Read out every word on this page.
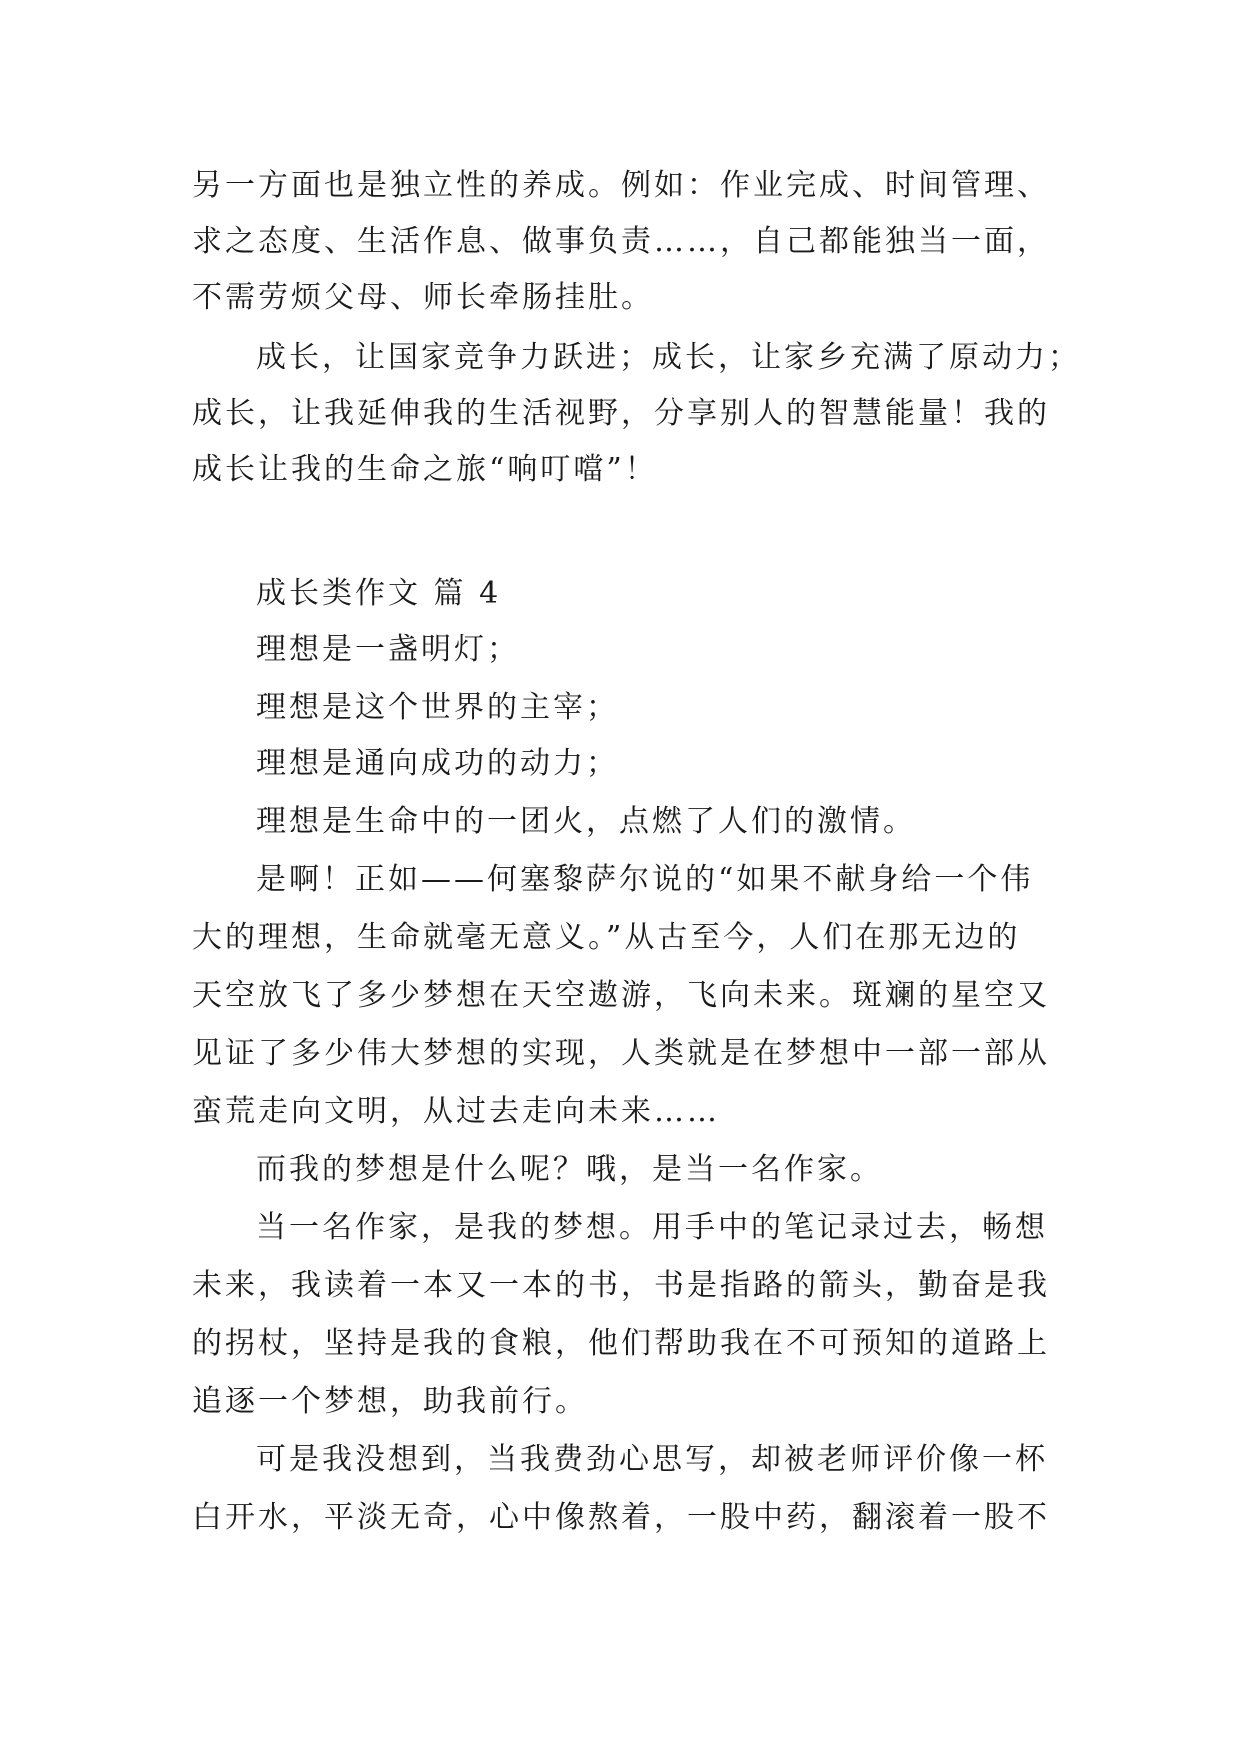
另一方面也是独立性的养成。例如：作业完成、时间管理、
求之态度、生活作息、做事负责……，自己都能独当一面，
不需劳烦父母、师长牵肠挂肚。
成长，让国家竞争力跃进；成长，让家乡充满了原动力；
成长，让我延伸我的生活视野，分享别人的智慧能量！我的
成长让我的生命之旅“响叮噹”！
成长类作文 篇 4
理想是一盏明灯；
理想是这个世界的主宰；
理想是通向成功的动力；
理想是生命中的一团火，点燃了人们的激情。
是啊！正如——何塞黎萨尔说的“如果不献身给一个伟
大的理想，生命就毫无意义。”从古至今，人们在那无边的
天空放飞了多少梦想在天空遨游，飞向未来。斑斓的星空又
见证了多少伟大梦想的实现，人类就是在梦想中一部一部从
蛮荒走向文明，从过去走向未来……
而我的梦想是什么呢？哦，是当一名作家。
当一名作家，是我的梦想。用手中的笔记录过去，畅想
未来，我读着一本又一本的书，书是指路的箭头，勤奋是我
的拐杖，坚持是我的食粮，他们帮助我在不可预知的道路上
追逐一个梦想，助我前行。
可是我没想到，当我费劲心思写，却被老师评价像一杯
白开水，平淡无奇，心中像熬着，一股中药，翻滚着一股不
